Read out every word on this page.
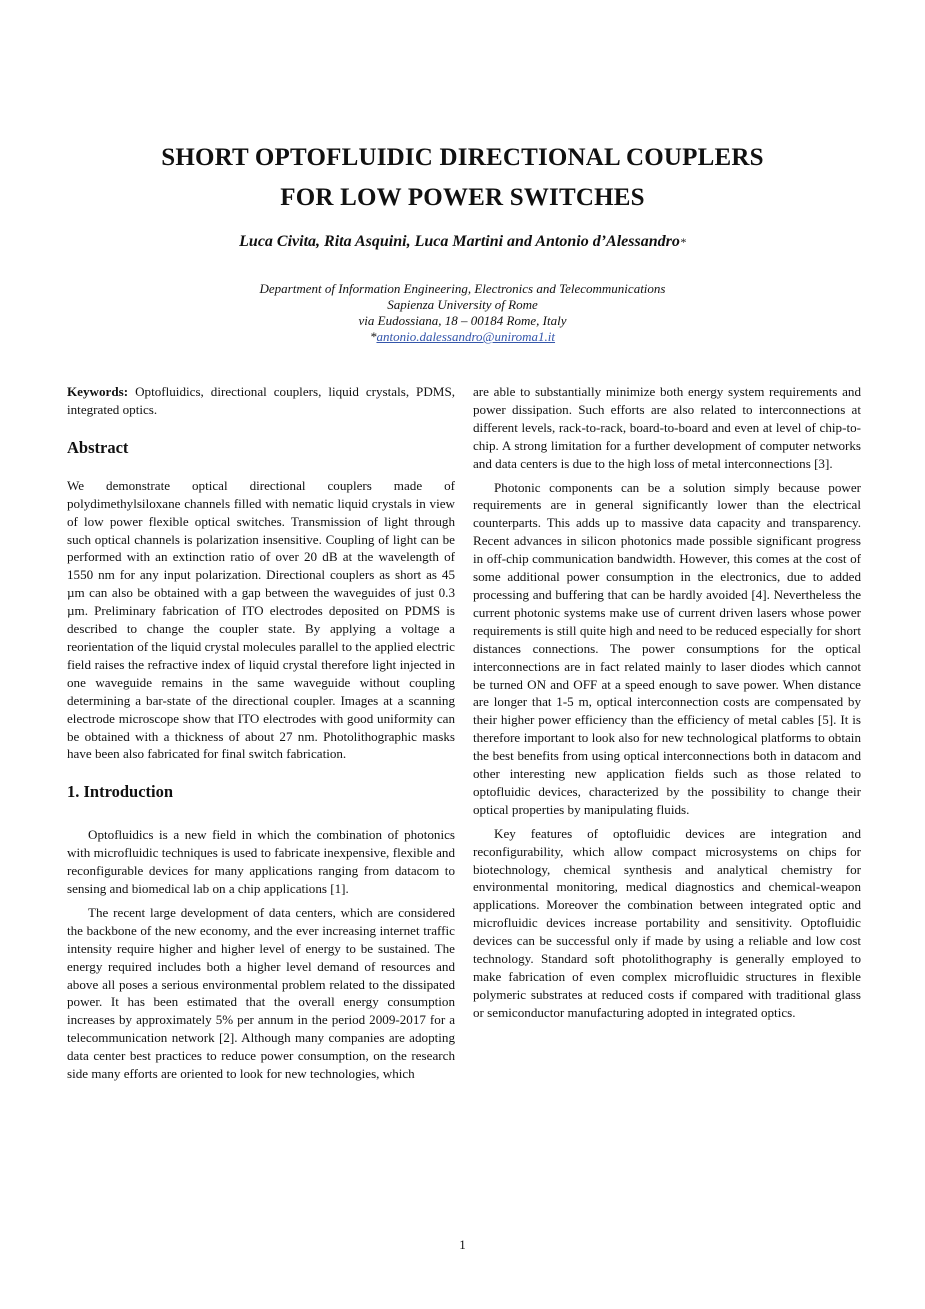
SHORT OPTOFLUIDIC DIRECTIONAL COUPLERS
FOR LOW POWER SWITCHES
Luca Civita, Rita Asquini, Luca Martini and Antonio d’Alessandro*
Department of Information Engineering, Electronics and Telecommunications
Sapienza University of Rome
via Eudossiana, 18 – 00184 Rome, Italy
*antonio.dalessandro@uniroma1.it

Keywords: Optofluidics, directional couplers, liquid crystals, PDMS, integrated optics.

Abstract

We demonstrate optical directional couplers made of polydimethylsiloxane channels filled with nematic liquid crystals in view of low power flexible optical switches. Transmission of light through such optical channels is polarization insensitive. Coupling of light can be performed with an extinction ratio of over 20 dB at the wavelength of 1550 nm for any input polarization. Directional couplers as short as 45 µm can also be obtained with a gap between the waveguides of just 0.3 µm. Preliminary fabrication of ITO electrodes deposited on PDMS is described to change the coupler state. By applying a voltage a reorientation of the liquid crystal molecules parallel to the applied electric field raises the refractive index of liquid crystal therefore light injected in one waveguide remains in the same waveguide without coupling determining a bar-state of the directional coupler. Images at a scanning electrode microscope show that ITO electrodes with good uniformity can be obtained with a thickness of about 27 nm. Photolithographic masks have been also fabricated for final switch fabrication.

1. Introduction

Optofluidics is a new field in which the combination of photonics with microfluidic techniques is used to fabricate inexpensive, flexible and reconfigurable devices for many applications ranging from datacom to sensing and biomedical lab on a chip applications [1].

The recent large development of data centers, which are considered the backbone of the new economy, and the ever increasing internet traffic intensity require higher and higher level of energy to be sustained. The energy required includes both a higher level demand of resources and above all poses a serious environmental problem related to the dissipated power. It has been estimated that the overall energy consumption increases by approximately 5% per annum in the period 2009-2017 for a telecommunication network [2]. Although many companies are adopting data center best practices to reduce power consumption, on the research side many efforts are oriented to look for new technologies, which

are able to substantially minimize both energy system requirements and power dissipation. Such efforts are also related to interconnections at different levels, rack-to-rack, board-to-board and even at level of chip-to-chip. A strong limitation for a further development of computer networks and data centers is due to the high loss of metal interconnections [3].

Photonic components can be a solution simply because power requirements are in general significantly lower than the electrical counterparts. This adds up to massive data capacity and transparency. Recent advances in silicon photonics made possible significant progress in off-chip communication bandwidth. However, this comes at the cost of some additional power consumption in the electronics, due to added processing and buffering that can be hardly avoided [4]. Nevertheless the current photonic systems make use of current driven lasers whose power requirements is still quite high and need to be reduced especially for short distances connections. The power consumptions for the optical interconnections are in fact related mainly to laser diodes which cannot be turned ON and OFF at a speed enough to save power. When distance are longer that 1-5 m, optical interconnection costs are compensated by their higher power efficiency than the efficiency of metal cables [5]. It is therefore important to look also for new technological platforms to obtain the best benefits from using optical interconnections both in datacom and other interesting new application fields such as those related to optofluidic devices, characterized by the possibility to change their optical properties by manipulating fluids.

Key features of optofluidic devices are integration and reconfigurability, which allow compact microsystems on chips for biotechnology, chemical synthesis and analytical chemistry for environmental monitoring, medical diagnostics and chemical-weapon applications. Moreover the combination between integrated optic and microfluidic devices increase portability and sensitivity. Optofluidic devices can be successful only if made by using a reliable and low cost technology. Standard soft photolithography is generally employed to make fabrication of even complex microfluidic structures in flexible polymeric substrates at reduced costs if compared with traditional glass or semiconductor manufacturing adopted in integrated optics.

1
